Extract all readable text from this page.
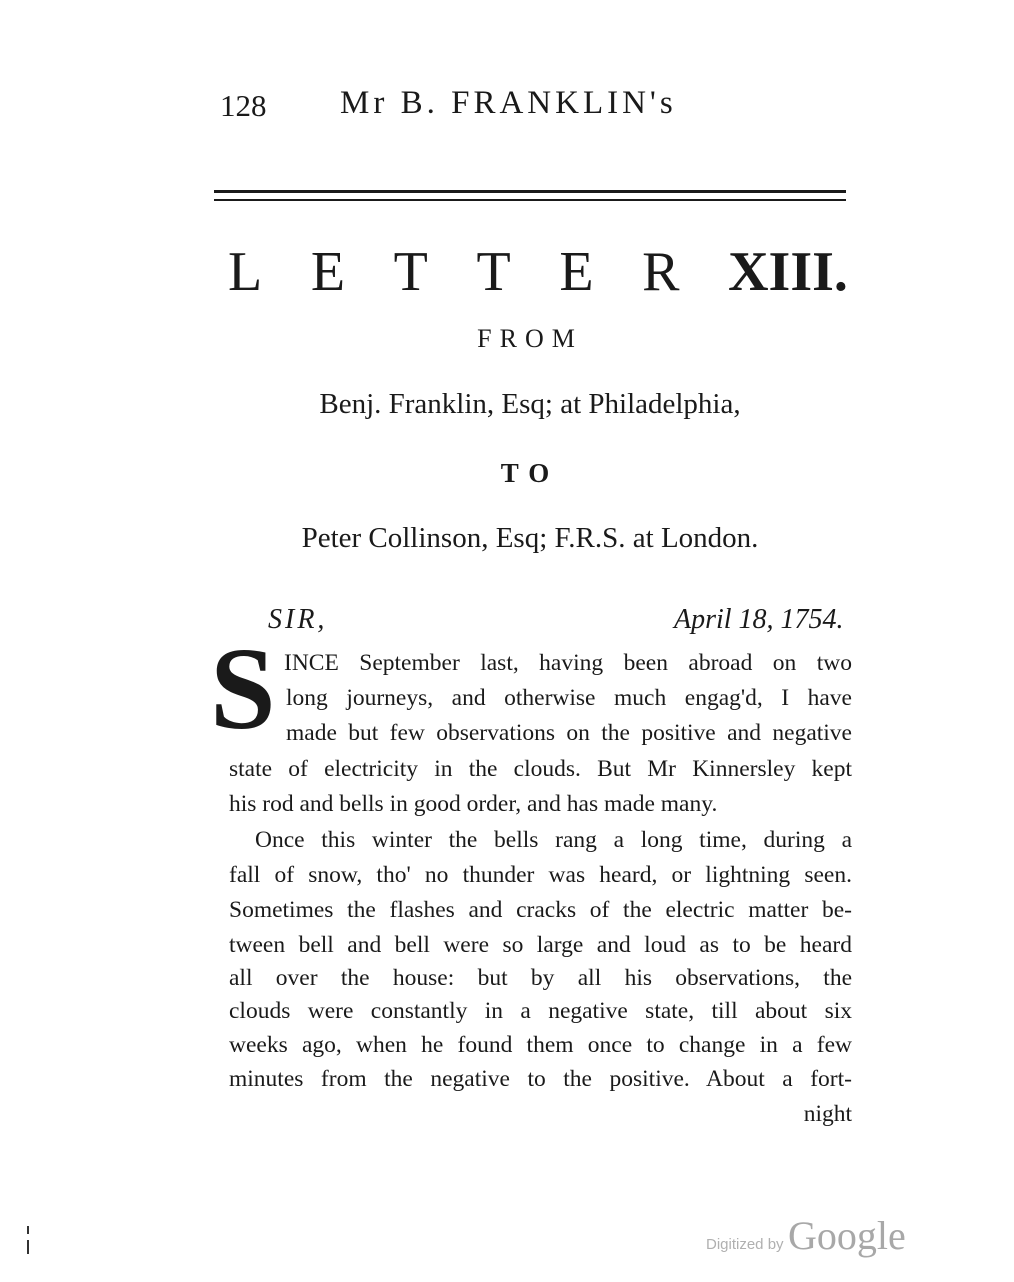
128 Mr B. FRANKLIN's
L E T T E R XIII.
FROM
Benj. Franklin, Esq; at Philadelphia,
TO
Peter Collinson, Esq; F.R.S. at London.
SIR,	April 18, 1754.
S INCE September last, having been abroad on two
long journeys, and otherwise much engag'd, I have
made but few observations on the positive and negative
state of electricity in the clouds. But Mr Kinnersley kept
his rod and bells in good order, and has made many.
Once this winter the bells rang a long time, during a
fall of snow, tho' no thunder was heard, or lightning seen.
Sometimes the flashes and cracks of the electric matter be-
tween bell and bell were so large and loud as to be heard
all over the house: but by all his observations, the
clouds were constantly in a negative state, till about six
weeks ago, when he found them once to change in a few
minutes from the negative to the positive. About a fort-
night
Digitized by Google
